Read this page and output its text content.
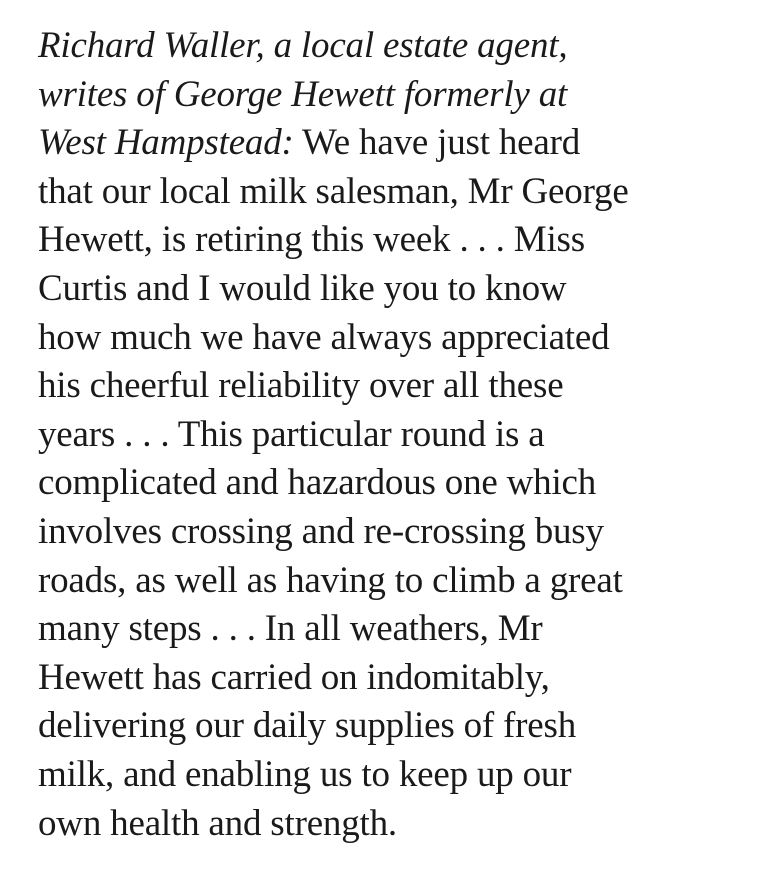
Richard Waller, a local estate agent,
writes of George Hewett formerly at
West Hampstead: We have just heard
that our local milk salesman, Mr George
Hewett, is retiring this week . . . Miss
Curtis and I would like you to know
how much we have always appreciated
his cheerful reliability over all these
years . . . This particular round is a
complicated and hazardous one which
involves crossing and re-crossing busy
roads, as well as having to climb a great
many steps . . . In all weathers, Mr
Hewett has carried on indomitably,
delivering our daily supplies of fresh
milk, and enabling us to keep up our
own health and strength.
